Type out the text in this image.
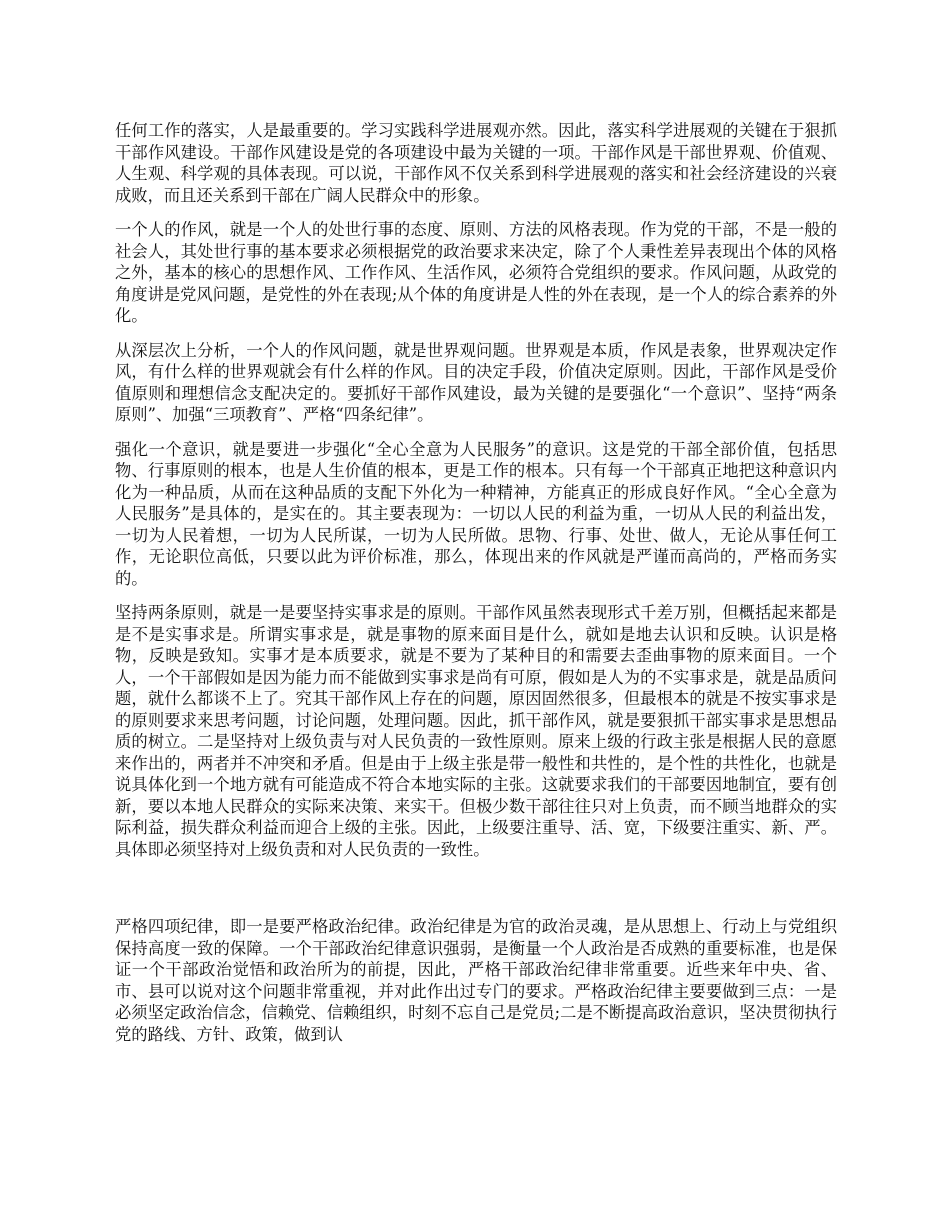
任何工作的落实，人是最重要的。学习实践科学进展观亦然。因此，落实科学进展观的关键在于狠抓干部作风建设。干部作风建设是党的各项建设中最为关键的一项。干部作风是干部世界观、价值观、人生观、科学观的具体表现。可以说，干部作风不仅关系到科学进展观的落实和社会经济建设的兴衰成败，而且还关系到干部在广阔人民群众中的形象。

一个人的作风，就是一个人的处世行事的态度、原则、方法的风格表现。作为党的干部，不是一般的社会人，其处世行事的基本要求必须根据党的政治要求来决定，除了个人秉性差异表现出个体的风格之外，基本的核心的思想作风、工作作风、生活作风，必须符合党组织的要求。作风问题，从政党的角度讲是党风问题，是党性的外在表现;从个体的角度讲是人性的外在表现，是一个人的综合素养的外化。

从深层次上分析，一个人的作风问题，就是世界观问题。世界观是本质，作风是表象，世界观决定作风，有什么样的世界观就会有什么样的作风。目的决定手段，价值决定原则。因此，干部作风是受价值原则和理想信念支配决定的。要抓好干部作风建设，最为关键的是要强化“一个意识”、坚持“两条原则”、加强“三项教育”、严格“四条纪律”。

强化一个意识，就是要进一步强化“全心全意为人民服务”的意识。这是党的干部全部价值，包括思物、行事原则的根本，也是人生价值的根本，更是工作的根本。只有每一个干部真正地把这种意识内化为一种品质，从而在这种品质的支配下外化为一种精神，方能真正的形成良好作风。“全心全意为人民服务”是具体的，是实在的。其主要表现为：一切以人民的利益为重，一切从人民的利益出发，一切为人民着想，一切为人民所谋，一切为人民所做。思物、行事、处世、做人，无论从事任何工作，无论职位高低，只要以此为评价标准，那么，体现出来的作风就是严谨而高尚的，严格而务实的。

坚持两条原则，就是一是要坚持实事求是的原则。干部作风虽然表现形式千差万别，但概括起来都是是不是实事求是。所谓实事求是，就是事物的原来面目是什么，就如是地去认识和反映。认识是格物，反映是致知。实事才是本质要求，就是不要为了某种目的和需要去歪曲事物的原来面目。一个人，一个干部假如是因为能力而不能做到实事求是尚有可原，假如是人为的不实事求是，就是品质问题，就什么都谈不上了。究其干部作风上存在的问题，原因固然很多，但最根本的就是不按实事求是的原则要求来思考问题，讨论问题，处理问题。因此，抓干部作风，就是要狠抓干部实事求是思想品质的树立。二是坚持对上级负责与对人民负责的一致性原则。原来上级的行政主张是根据人民的意愿来作出的，两者并不冲突和矛盾。但是由于上级主张是带一般性和共性的，是个性的共性化，也就是说具体化到一个地方就有可能造成不符合本地实际的主张。这就要求我们的干部要因地制宜，要有创新，要以本地人民群众的实际来决策、来实干。但极少数干部往往只对上负责，而不顾当地群众的实际利益，损失群众利益而迎合上级的主张。因此，上级要注重导、活、宽，下级要注重实、新、严。具体即必须坚持对上级负责和对人民负责的一致性。

严格四项纪律，即一是要严格政治纪律。政治纪律是为官的政治灵魂，是从思想上、行动上与党组织保持高度一致的保障。一个干部政治纪律意识强弱，是衡量一个人政治是否成熟的重要标准，也是保证一个干部政治觉悟和政治所为的前提，因此，严格干部政治纪律非常重要。近些来年中央、省、市、县可以说对这个问题非常重视，并对此作出过专门的要求。严格政治纪律主要要做到三点：一是必须坚定政治信念，信赖党、信赖组织，时刻不忘自己是党员;二是不断提高政治意识，坚决贯彻执行党的路线、方针、政策，做到认
